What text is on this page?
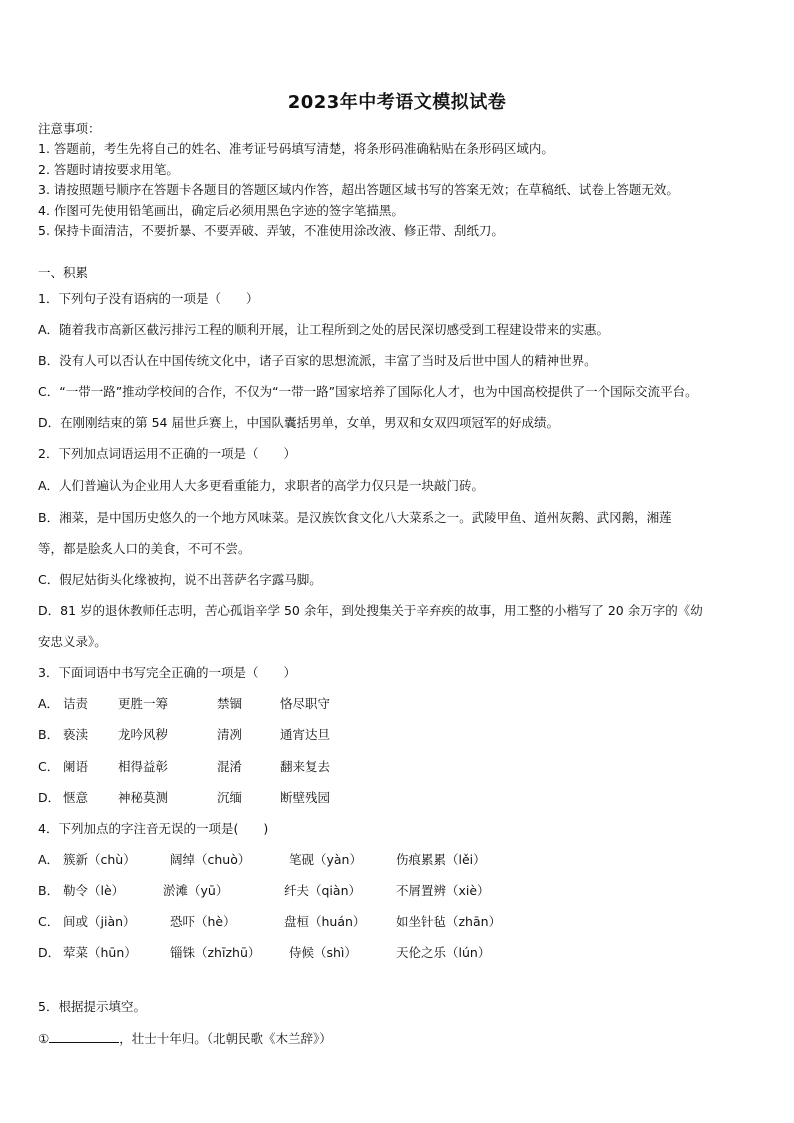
2023年中考语文模拟试卷
注意事项：
1. 答题前，考生先将自己的姓名、准考证号码填写清楚，将条形码准确粘贴在条形码区域内。
2. 答题时请按要求用笔。
3. 请按照题号顺序在答题卡各题目的答题区域内作答，超出答题区域书写的答案无效；在草稿纸、试卷上答题无效。
4. 作图可先使用铅笔画出，确定后必须用黑色字迹的签字笔描黑。
5. 保持卡面清洁，不要折暴、不要弄破、弄皱，不准使用涂改液、修正带、刮纸刀。
一、积累
1．下列句子没有语病的一项是（　　）
A．随着我市高新区截污排污工程的顺利开展，让工程所到之处的居民深切感受到工程建设带来的实惠。
B．没有人可以否认在中国传统文化中，诸子百家的思想流派，丰富了当时及后世中国人的精神世界。
C．“一带一路”推动学校间的合作，不仅为“一带一路”国家培养了国际化人才，也为中国高校提供了一个国际交流平台。
D．在刚刚结束的第 54 届世乒赛上，中国队囊括男单，女单，男双和女双四项冠军的好成绩。
2．下列加点词语运用不正确的一项是（　　）
A．人们普遍认为企业用人大多更看重能力，求职者的高学力仅只是一块敲门砖。
B．湘菜，是中国历史悠久的一个地方风味菜。是汉族饮食文化八大菜系之一。武陵甲鱼、道州灰鹅、武冈鹅，湘莲
等，都是脍炙人口的美食，不可不尝。
C．假尼姑街头化缘被拘，说不出菩萨名字露马脚。
D．81 岁的退休教师任志明，苦心孤诣辛学 50 余年，到处搜集关于辛弃疾的故事，用工整的小楷写了 20 余万字的《幼
安忠义录》。
3．下面词语中书写完全正确的一项是（　　）
A． 诘责 更胜一筹	禁锢	恪尽职守
B． 亵渎 龙吟风秽	清冽	通宵达旦
C． 阑语 相得益彰	混淆	翻来复去
D． 惬意 神秘莫测	沉缅	断壁残园
4．下列加点的字注音无误的一项是(　　)
A． 簇新（chù）	阔绰（chuò）	笔砚（yàn）	伤痕累累（lěi）
B． 勒令（lè）	淤滩（yū）	纤夫（qiàn）	不屑置辨（xiè）
C． 间或（jiàn）	恐吓（hè）	盘桓（huán） 如坐针毡（zhān）
D． 荤菜（hūn）	锱铢（zhīzhū） 侍候（shì）	天伦之乐（lún）
5．根据提示填空。
①	，壮士十年归。（北朝民歌《木兰辞》）
